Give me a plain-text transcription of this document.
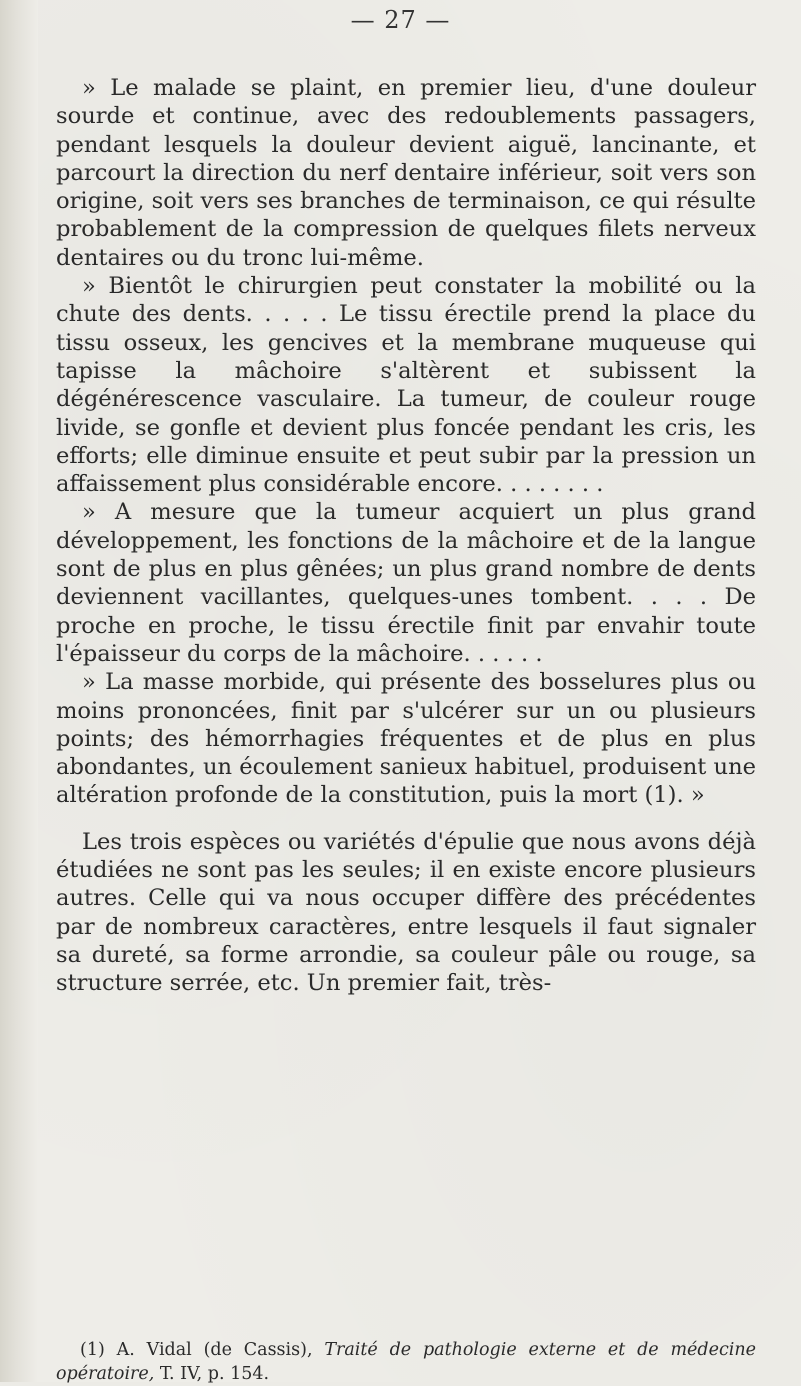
— 27 —

» Le malade se plaint, en premier lieu, d'une douleur sourde et continue, avec des redoublements passagers, pendant lesquels la douleur devient aiguë, lancinante, et parcourt la direction du nerf dentaire inférieur, soit vers son origine, soit vers ses branches de terminaison, ce qui résulte probablement de la compression de quelques filets nerveux dentaires ou du tronc lui-même.

» Bientôt le chirurgien peut constater la mobilité ou la chute des dents. . . . . Le tissu érectile prend la place du tissu osseux, les gencives et la membrane muqueuse qui tapisse la mâchoire s'altèrent et subissent la dégénérescence vasculaire. La tumeur, de couleur rouge livide, se gonfle et devient plus foncée pendant les cris, les efforts; elle diminue ensuite et peut subir par la pression un affaissement plus considérable encore. . . . . . . .

» A mesure que la tumeur acquiert un plus grand développement, les fonctions de la mâchoire et de la langue sont de plus en plus gênées; un plus grand nombre de dents deviennent vacillantes, quelques-unes tombent. . . . De proche en proche, le tissu érectile finit par envahir toute l'épaisseur du corps de la mâchoire. . . . . .

» La masse morbide, qui présente des bosselures plus ou moins prononcées, finit par s'ulcérer sur un ou plusieurs points; des hémorrhagies fréquentes et de plus en plus abondantes, un écoulement sanieux habituel, produisent une altération profonde de la constitution, puis la mort (1). »

Les trois espèces ou variétés d'épulie que nous avons déjà étudiées ne sont pas les seules; il en existe encore plusieurs autres. Celle qui va nous occuper diffère des précédentes par de nombreux caractères, entre lesquels il faut signaler sa dureté, sa forme arrondie, sa couleur pâle ou rouge, sa structure serrée, etc. Un premier fait, très-

(1) A. Vidal (de Cassis), Traité de pathologie externe et de médecine opératoire, T. IV, p. 154.
